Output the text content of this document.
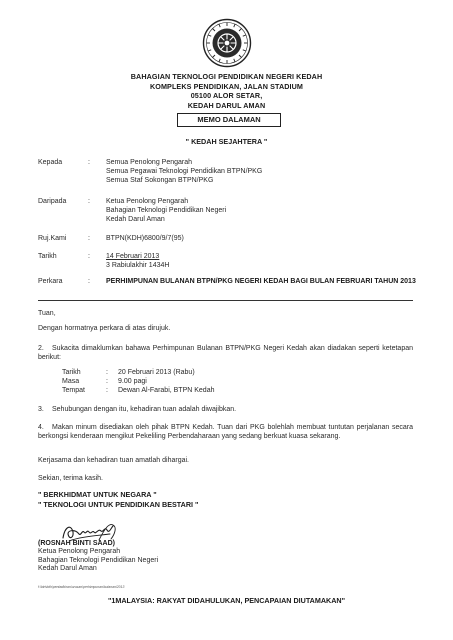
BAHAGIAN TEKNOLOGI PENDIDIKAN NEGERI KEDAH
KOMPLEKS PENDIDIKAN, JALAN STADIUM
05100 ALOR SETAR,
KEDAH DARUL AMAN
MEMO DALAMAN
" KEDAH SEJAHTERA "
Kepada	: Semua Penolong Pengarah
Semua Pegawai Teknologi Pendidikan BTPN/PKG
Semua Staf Sokongan BTPN/PKG
Daripada	: Ketua Penolong Pengarah
Bahagian Teknologi Pendidikan Negeri
Kedah Darul Aman
Ruj.Kami	: BTPN(KDH)6800/9/7(95)
Tarikh	: 14 Februari 2013
3 Rabiulakhir 1434H
Perkara	: PERHIMPUNAN BULANAN BTPN/PKG NEGERI KEDAH BAGI BULAN FEBRUARI TAHUN 2013
Tuan,
Dengan hormatnya perkara di atas dirujuk.
2. Sukacita dimaklumkan bahawa Perhimpunan Bulanan BTPN/PKG Negeri Kedah akan diadakan seperti ketetapan berikut:
Tarikh	: 20 Februari 2013 (Rabu)
Masa	: 9.00 pagi
Tempat	: Dewan Al-Farabi, BTPN Kedah
3. Sehubungan dengan itu, kehadiran tuan adalah diwajibkan.
4. Makan minum disediakan oleh pihak BTPN Kedah. Tuan dari PKG bolehlah membuat tuntutan perjalanan secara berkongsi kenderaan mengikut Pekeliling Perbendaharaan yang sedang berkuat kuasa sekarang.
Kerjasama dan kehadiran tuan amatlah dihargai.
Sekian, terima kasih.
" BERKHIDMAT UNTUK NEGARA "
" TEKNOLOGI UNTUK PENDIDIKAN BESTARI "
(ROSNAH BINTI SAAD)
Ketua Penolong Pengarah
Bahagian Teknologi Pendidikan Negeri
Kedah Darul Aman
f:\btn\kdh\pentadbiran\urusan\perhimpunan\bulanan\2013
"1MALAYSIA: RAKYAT DIDAHULUKAN, PENCAPAIAN DIUTAMAKAN"
